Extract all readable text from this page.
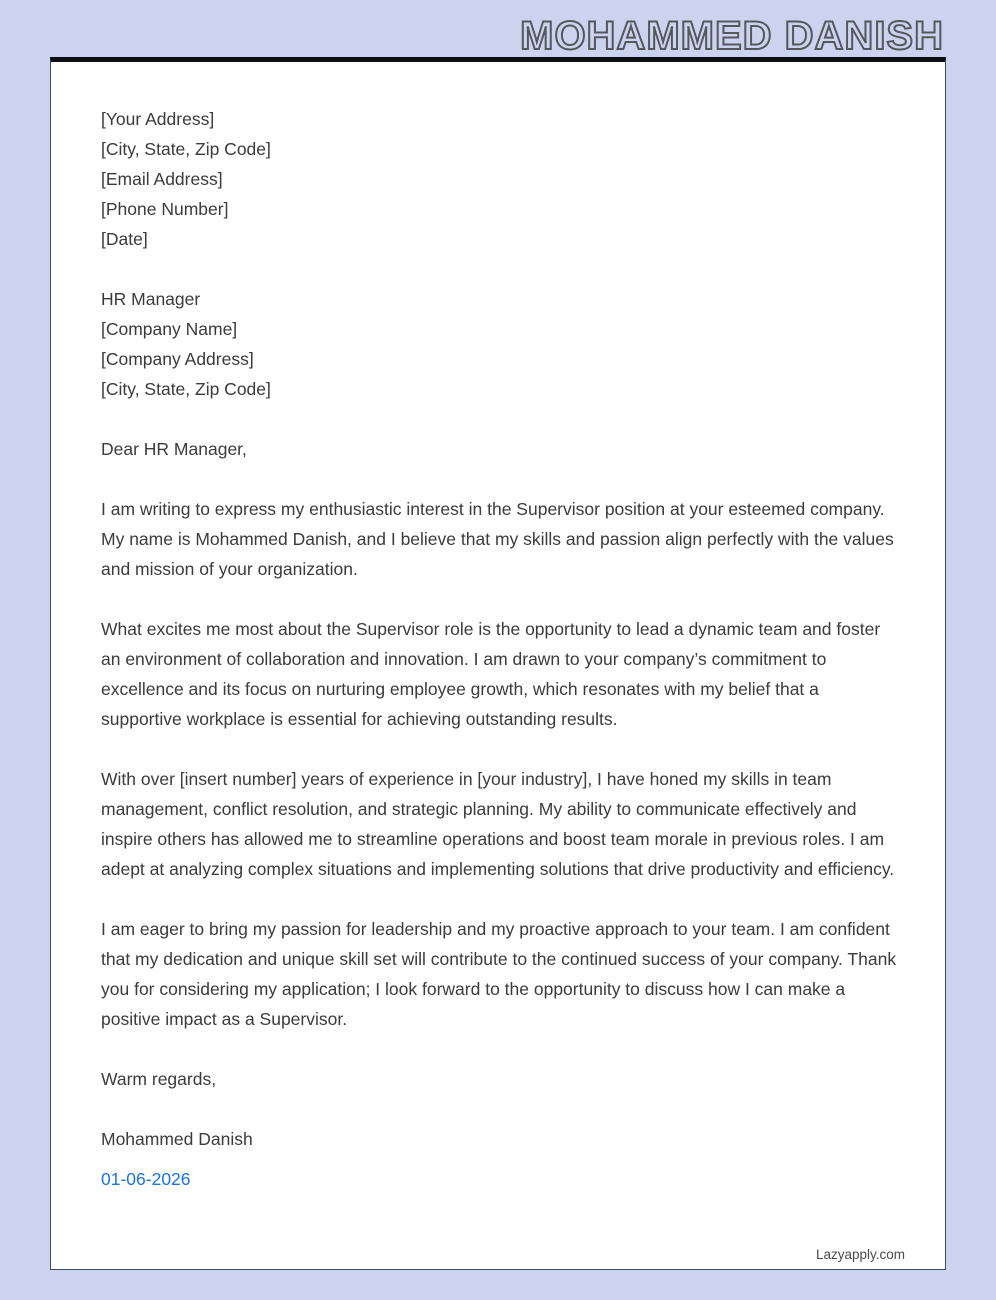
MOHAMMED DANISH

[Your Address]

[City, State, Zip Code]

[Email Address]

[Phone Number]

[Date]

HR Manager

[Company Name]

[Company Address]

[City, State, Zip Code]

Dear HR Manager,

I am writing to express my enthusiastic interest in the Supervisor position at your esteemed company. My name is Mohammed Danish, and I believe that my skills and passion align perfectly with the values and mission of your organization.

What excites me most about the Supervisor role is the opportunity to lead a dynamic team and foster an environment of collaboration and innovation. I am drawn to your company’s commitment to excellence and its focus on nurturing employee growth, which resonates with my belief that a supportive workplace is essential for achieving outstanding results.

With over [insert number] years of experience in [your industry], I have honed my skills in team management, conflict resolution, and strategic planning. My ability to communicate effectively and inspire others has allowed me to streamline operations and boost team morale in previous roles. I am adept at analyzing complex situations and implementing solutions that drive productivity and efficiency.

I am eager to bring my passion for leadership and my proactive approach to your team. I am confident that my dedication and unique skill set will contribute to the continued success of your company. Thank you for considering my application; I look forward to the opportunity to discuss how I can make a positive impact as a Supervisor.

Warm regards,

Mohammed Danish

01-06-2026
Lazyapply.com
